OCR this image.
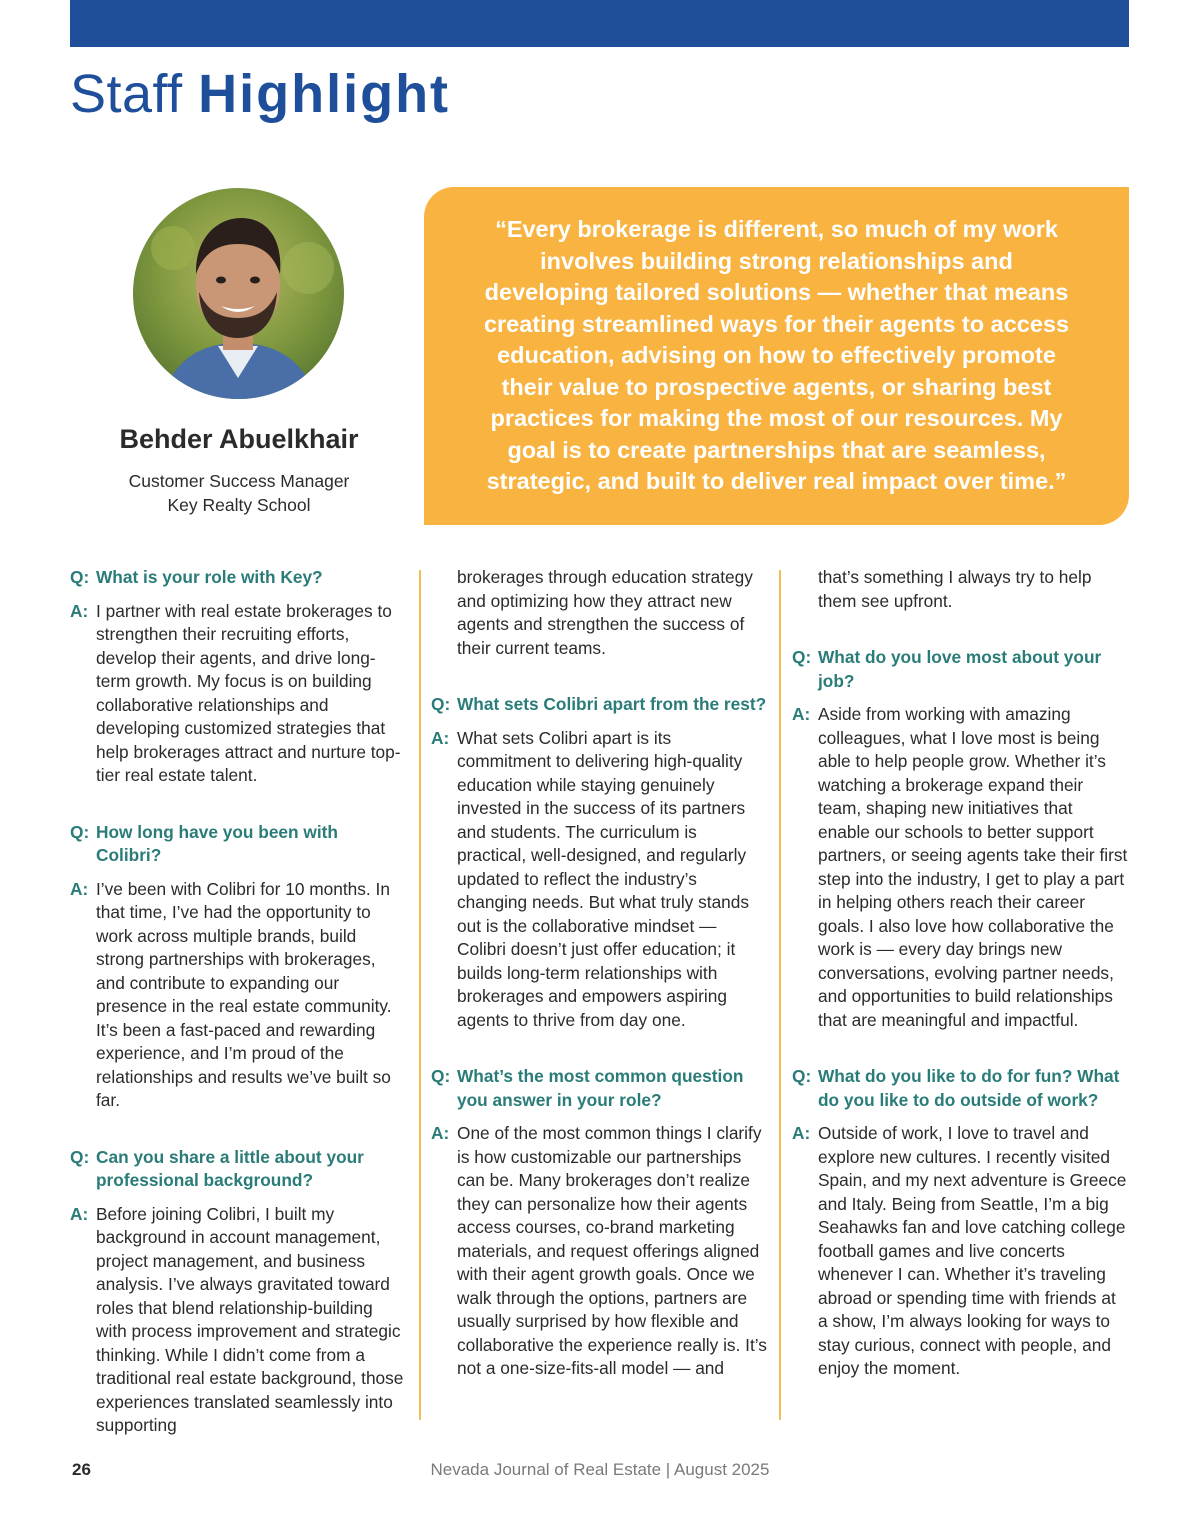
Staff Highlight
Behder Abuelkhair
Customer Success Manager
Key Realty School

“Every brokerage is different, so much of my work involves building strong relationships and developing tailored solutions — whether that means creating streamlined ways for their agents to access education, advising on how to effectively promote their value to prospective agents, or sharing best practices for making the most of our resources. My goal is to create partnerships that are seamless, strategic, and built to deliver real impact over time.”

Q: What is your role with Key?

A: I partner with real estate brokerages to strengthen their recruiting efforts, develop their agents, and drive long-term growth. My focus is on building collaborative relationships and developing customized strategies that help brokerages attract and nurture top-tier real estate talent.

Q: How long have you been with Colibri?

A: I’ve been with Colibri for 10 months. In that time, I’ve had the opportunity to work across multiple brands, build strong partnerships with brokerages, and contribute to expanding our presence in the real estate community. It’s been a fast-paced and rewarding experience, and I’m proud of the relationships and results we’ve built so far.

Q: Can you share a little about your professional background?

A: Before joining Colibri, I built my background in account management, project management, and business analysis. I’ve always gravitated toward roles that blend relationship-building with process improvement and strategic thinking. While I didn’t come from a traditional real estate background, those experiences translated seamlessly into supporting

brokerages through education strategy and optimizing how they attract new agents and strengthen the success of their current teams.

Q: What sets Colibri apart from the rest?

A: What sets Colibri apart is its commitment to delivering high-quality education while staying genuinely invested in the success of its partners and students. The curriculum is practical, well-designed, and regularly updated to reflect the industry’s changing needs. But what truly stands out is the collaborative mindset — Colibri doesn’t just offer education; it builds long-term relationships with brokerages and empowers aspiring agents to thrive from day one.

Q: What’s the most common question you answer in your role?

A: One of the most common things I clarify is how customizable our partnerships can be. Many brokerages don’t realize they can personalize how their agents access courses, co-brand marketing materials, and request offerings aligned with their agent growth goals. Once we walk through the options, partners are usually surprised by how flexible and collaborative the experience really is. It’s not a one-size-fits-all model — and

that’s something I always try to help them see upfront.

Q: What do you love most about your job?

A: Aside from working with amazing colleagues, what I love most is being able to help people grow. Whether it’s watching a brokerage expand their team, shaping new initiatives that enable our schools to better support partners, or seeing agents take their first step into the industry, I get to play a part in helping others reach their career goals. I also love how collaborative the work is — every day brings new conversations, evolving partner needs, and opportunities to build relationships that are meaningful and impactful.

Q: What do you like to do for fun? What do you like to do outside of work?

A: Outside of work, I love to travel and explore new cultures. I recently visited Spain, and my next adventure is Greece and Italy. Being from Seattle, I’m a big Seahawks fan and love catching college football games and live concerts whenever I can. Whether it’s traveling abroad or spending time with friends at a show, I’m always looking for ways to stay curious, connect with people, and enjoy the moment.

26	Nevada Journal of Real Estate | August 2025
